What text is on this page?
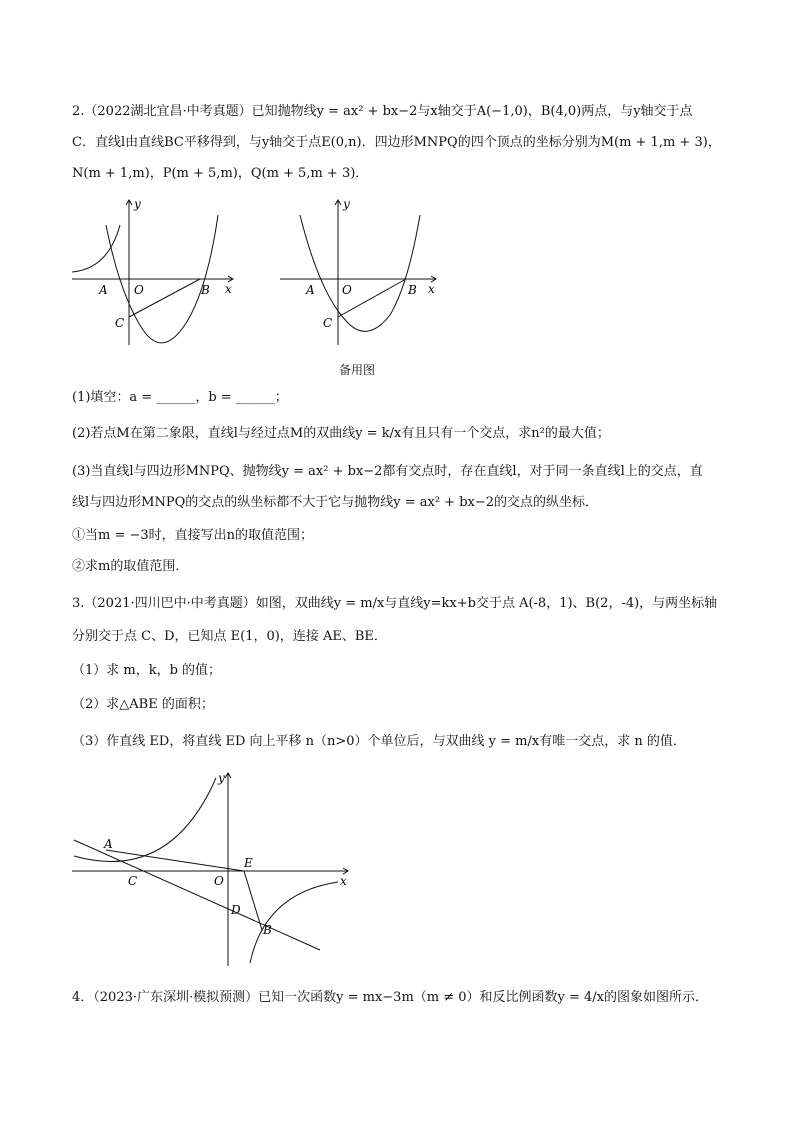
2.（2022湖北宜昌·中考真题）已知抛物线y = ax² + bx−2与x轴交于A(−1,0)，B(4,0)两点，与y轴交于点
C．直线l由直线BC平移得到，与y轴交于点E(0,n)．四边形MNPQ的四个顶点的坐标分别为M(m + 1,m + 3)，
N(m + 1,m)，P(m + 5,m)，Q(m + 5,m + 3)．
y
x
A O	B
C
y
x
A O	B
C
备用图
(1)填空：a = ______，b = ______；
(2)若点M在第二象限，直线l与经过点M的双曲线y = k/x有且只有一个交点，求n²的最大值；
(3)当直线l与四边形MNPQ、抛物线y = ax² + bx−2都有交点时，存在直线l，对于同一条直线l上的交点，直
线l与四边形MNPQ的交点的纵坐标都不大于它与抛物线y = ax² + bx−2的交点的纵坐标．
①当m = −3时，直接写出n的取值范围；
②求m的取值范围．
3.（2021·四川巴中·中考真题）如图，双曲线y = m/x与直线y=kx+b交于点 A(-8，1)、B(2，-4)，与两坐标轴
分别交于点 C、D，已知点 E(1，0)，连接 AE、BE．
（1）求 m，k，b 的值；
（2）求△ABE 的面积；
（3）作直线 ED，将直线 ED 向上平移 n（n>0）个单位后，与双曲线 y = m/x有唯一交点，求 n 的值．
y
x
A
C	O
E
D
B
4．（2023·广东深圳·模拟预测）已知一次函数y = mx−3m（m ≠ 0）和反比例函数y = 4/x的图象如图所示．
